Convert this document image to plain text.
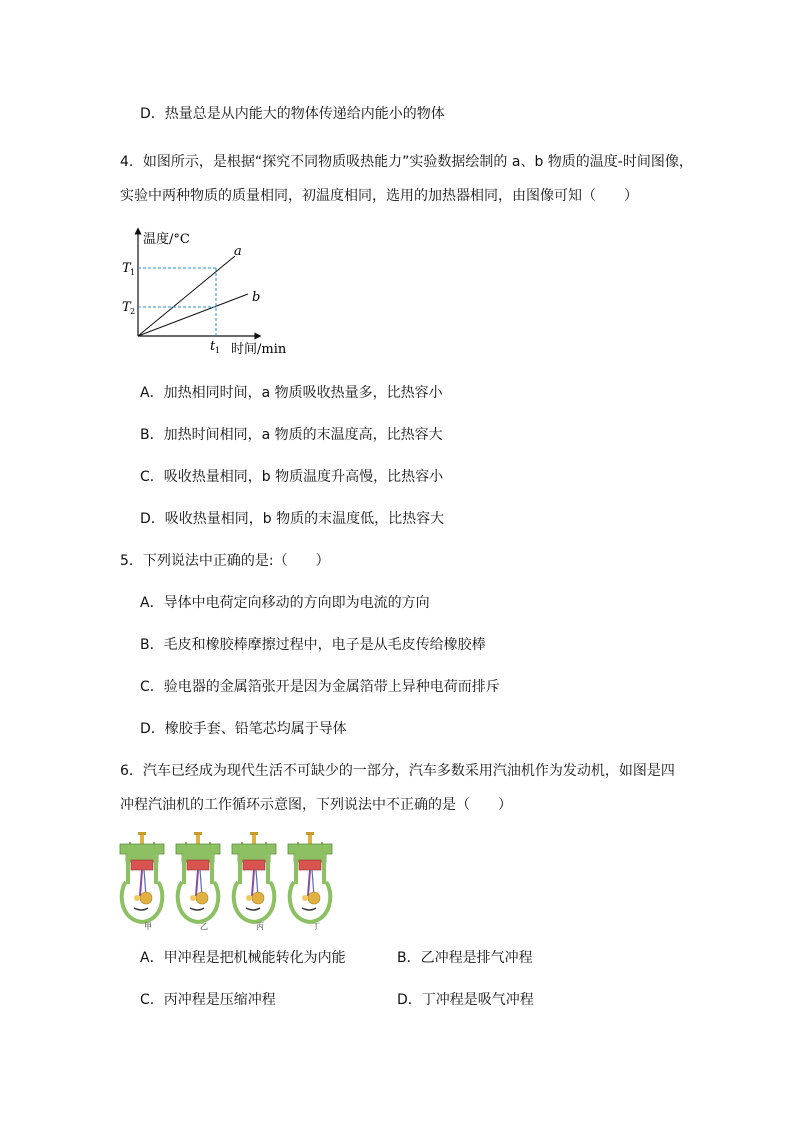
D．热量总是从内能大的物体传递给内能小的物体
4．如图所示，是根据“探究不同物质吸热能力”实验数据绘制的 a、b 物质的温度-时间图像，
实验中两种物质的质量相同，初温度相同，选用的加热器相同，由图像可知（　　）
温度/°C
时间/min
T 1
T 2
t 1
a
b
A．加热相同时间，a 物质吸收热量多，比热容小
B．加热时间相同，a 物质的末温度高，比热容大
C．吸收热量相同，b 物质温度升高慢，比热容小
D．吸收热量相同，b 物质的末温度低，比热容大
5．下列说法中正确的是:（　　）
A．导体中电荷定向移动的方向即为电流的方向
B．毛皮和橡胶棒摩擦过程中，电子是从毛皮传给橡胶棒
C．验电器的金属箔张开是因为金属箔带上异种电荷而排斥
D．橡胶手套、铅笔芯均属于导体
6．汽车已经成为现代生活不可缺少的一部分，汽车多数采用汽油机作为发动机，如图是四
冲程汽油机的工作循环示意图，下列说法中不正确的是（　　）
甲	乙	丙	丁
A．甲冲程是把机械能转化为内能	B．乙冲程是排气冲程
C．丙冲程是压缩冲程	D．丁冲程是吸气冲程
